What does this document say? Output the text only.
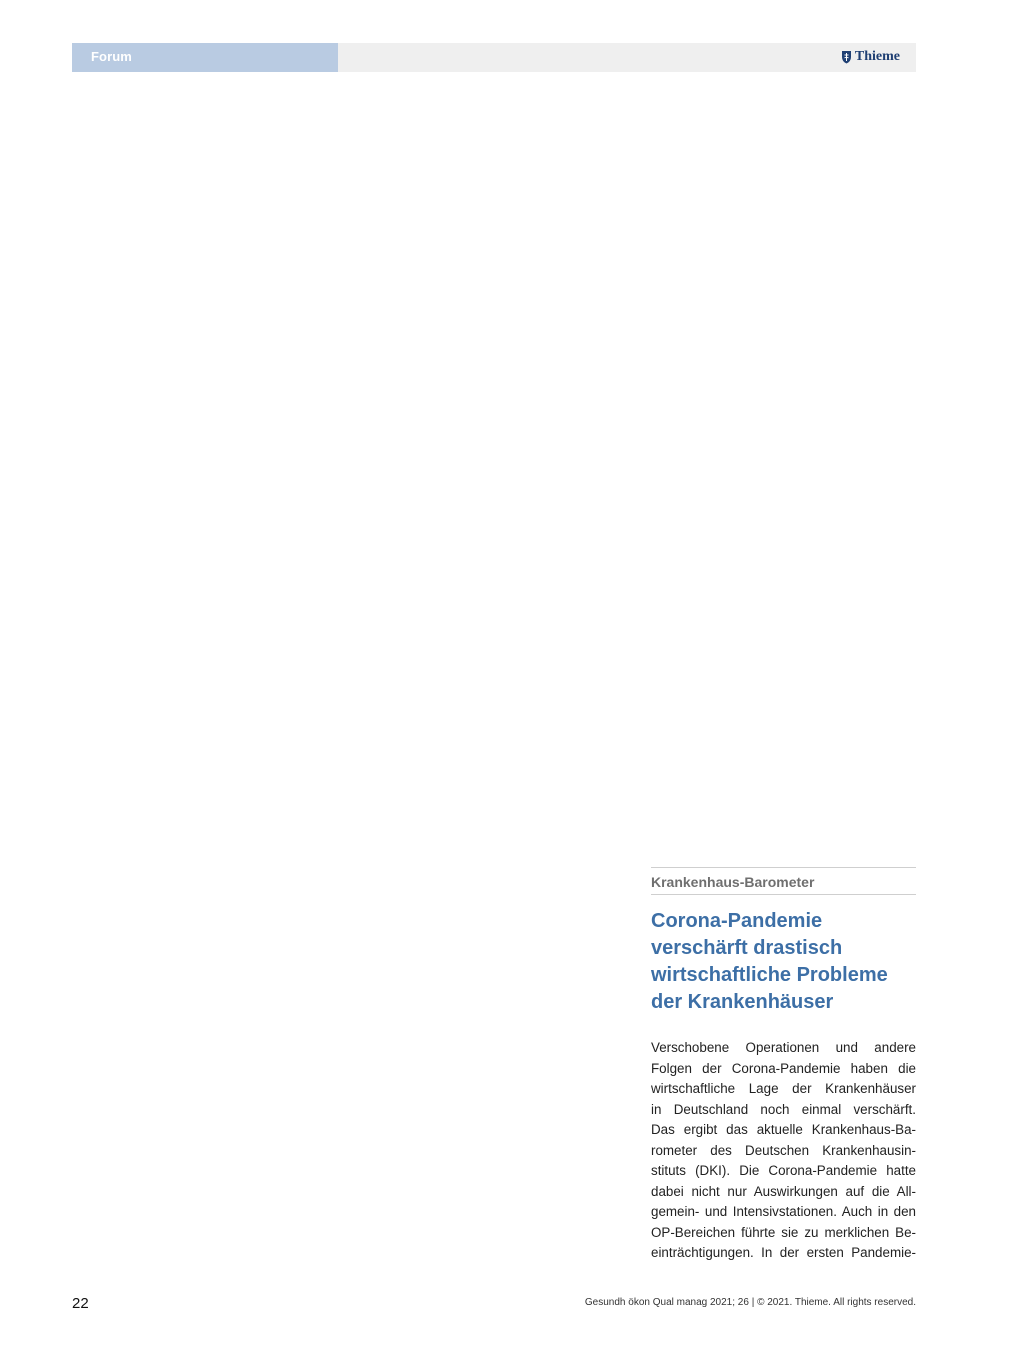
Forum	Thieme
Krankenhaus-Barometer
Corona-Pandemie
verschärft drastisch
wirtschaftliche Probleme
der Krankenhäuser
Verschobene Operationen und andere
Folgen der Corona-Pandemie haben die
wirtschaftliche Lage der Krankenhäuser
in Deutschland noch einmal verschärft.
Das ergibt das aktuelle Krankenhaus-Ba-
rometer des Deutschen Krankenhausin-
stituts (DKI). Die Corona-Pandemie hatte
dabei nicht nur Auswirkungen auf die All-
gemein- und Intensivstationen. Auch in den
OP-Bereichen führte sie zu merklichen Be-
einträchtigungen. In der ersten Pandemie-
22	Gesundh ökon Qual manag 2021; 26 | © 2021. Thieme. All rights reserved.
